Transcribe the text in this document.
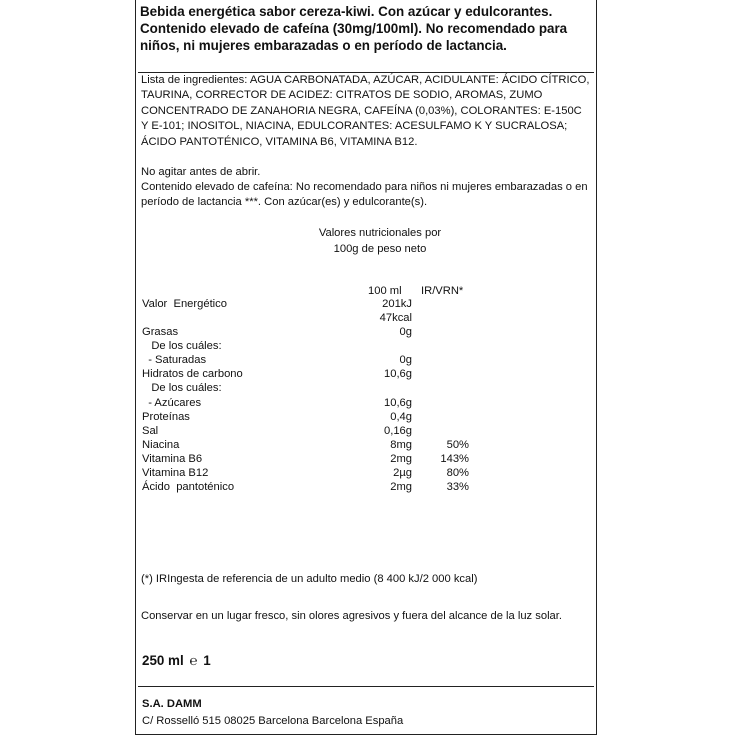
Bebida energética sabor cereza-kiwi. Con azúcar y edulcorantes. Contenido elevado de cafeína (30mg/100ml). No recomendado para niños, ni mujeres embarazadas o en período de lactancia.

Lista de ingredientes: AGUA CARBONATADA, AZÚCAR, ACIDULANTE: ÁCIDO CÍTRICO, TAURINA, CORRECTOR DE ACIDEZ: CITRATOS DE SODIO, AROMAS, ZUMO CONCENTRADO DE ZANAHORIA NEGRA, CAFEÍNA (0,03%), COLORANTES: E-150C Y E-101; INOSITOL, NIACINA, EDULCORANTES: ACESULFAMO K Y SUCRALOSA; ÁCIDO PANTOTÉNICO, VITAMINA B6, VITAMINA B12.

No agitar antes de abrir.

Contenido elevado de cafeína: No recomendado para niños ni mujeres embarazadas o en período de lactancia ***. Con azúcar(es) y edulcorante(s).

Valores nutricionales por
100g de peso neto
100 ml IR/VRN*
Valor  Energético	201kJ
47kcal
Grasas	0g
De los cuáles:
- Saturadas	0g
Hidratos de carbono	10,6g
De los cuáles:
- Azúcares	10,6g
Proteínas	0,4g
Sal	0,16g
Niacina	8mg	50%
Vitamina B6	2mg	143%
Vitamina B12	2µg	80%
Ácido  pantoténico	2mg	33%

(*) IRIngesta de referencia de un adulto medio (8 400 kJ/2 000 kcal)

Conservar en un lugar fresco, sin olores agresivos y fuera del alcance de la luz solar.

250 ml ℮ 1
S.A. DAMM
C/ Rosselló 515 08025 Barcelona Barcelona España
